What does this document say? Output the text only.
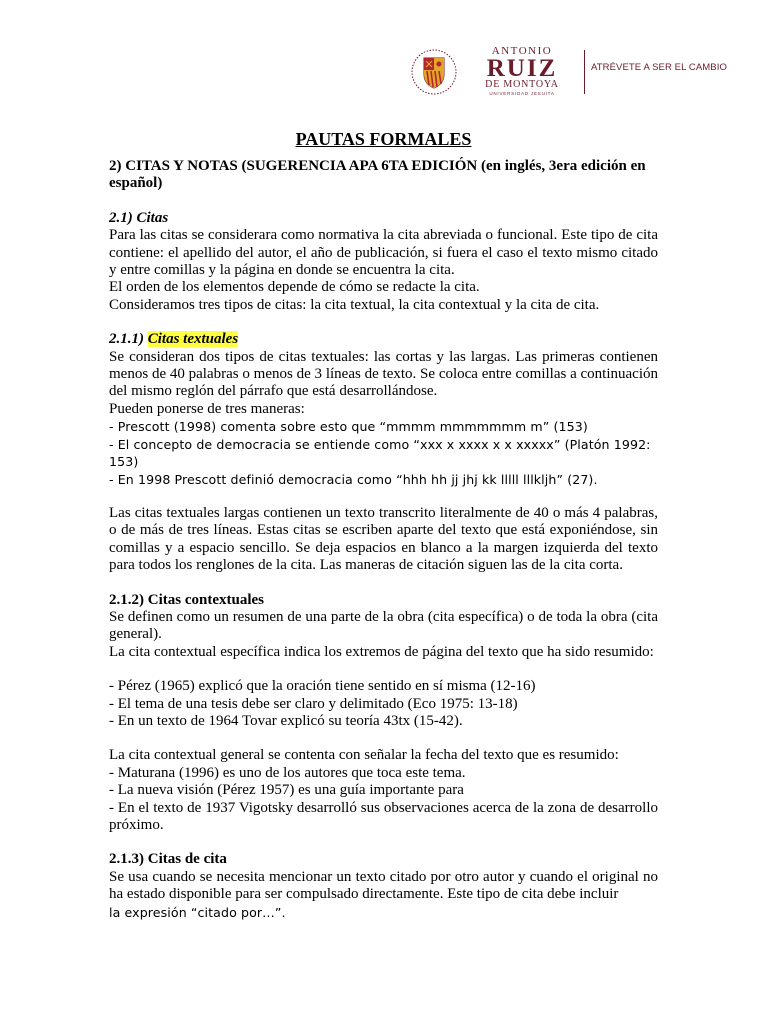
ANTONIO
RUIZ
DE MONTOYA
UNIVERSIDAD JESUITA
ATRÉVETE A SER EL CAMBIO
PAUTAS FORMALES

2) CITAS Y NOTAS (SUGERENCIA APA 6TA EDICIÓN (en inglés, 3era edición en español)

2.1) Citas

Para las citas se considerara como normativa la cita abreviada o funcional. Este tipo de cita contiene: el apellido del autor, el año de publicación, si fuera el caso el texto mismo citado y entre comillas y la página en donde se encuentra la cita.

El orden de los elementos depende de cómo se redacte la cita.

Consideramos tres tipos de citas: la cita textual, la cita contextual y la cita de cita.

2.1.1) Citas textuales

Se consideran dos tipos de citas textuales: las cortas y las largas. Las primeras contienen menos de 40 palabras o menos de 3 líneas de texto. Se coloca entre comillas a continuación del mismo reglón del párrafo que está desarrollándose.

Pueden ponerse de tres maneras:

- Prescott (1998) comenta sobre esto que “mmmm mmmmmmm m” (153)

- El concepto de democracia se entiende como “xxx x xxxx x x xxxxx” (Platón 1992: 153)

- En 1998 Prescott definió democracia como “hhh hh jj jhj kk lllll lllkljh” (27).

Las citas textuales largas contienen un texto transcrito literalmente de 40 o más 4 palabras, o de más de tres líneas. Estas citas se escriben aparte del texto que está exponiéndose, sin comillas y a espacio sencillo. Se deja espacios en blanco a la margen izquierda del texto para todos los renglones de la cita. Las maneras de citación siguen las de la cita corta.

2.1.2) Citas contextuales

Se definen como un resumen de una parte de la obra (cita específica) o de toda la obra (cita general).

La cita contextual específica indica los extremos de página del texto que ha sido resumido:

- Pérez (1965) explicó que la oración tiene sentido en sí misma (12-16)

- El tema de una tesis debe ser claro y delimitado (Eco 1975: 13-18)

- En un texto de 1964 Tovar explicó su teoría 43tx (15-42).

La cita contextual general se contenta con señalar la fecha del texto que es resumido:

- Maturana (1996) es uno de los autores que toca este tema.

- La nueva visión (Pérez 1957) es una guía importante para

- En el texto de 1937 Vigotsky desarrolló sus observaciones acerca de la zona de desarrollo próximo.

2.1.3) Citas de cita

Se usa cuando se necesita mencionar un texto citado por otro autor y cuando el original no ha estado disponible para ser compulsado directamente. Este tipo de cita debe incluir

la expresión “citado por…”.
